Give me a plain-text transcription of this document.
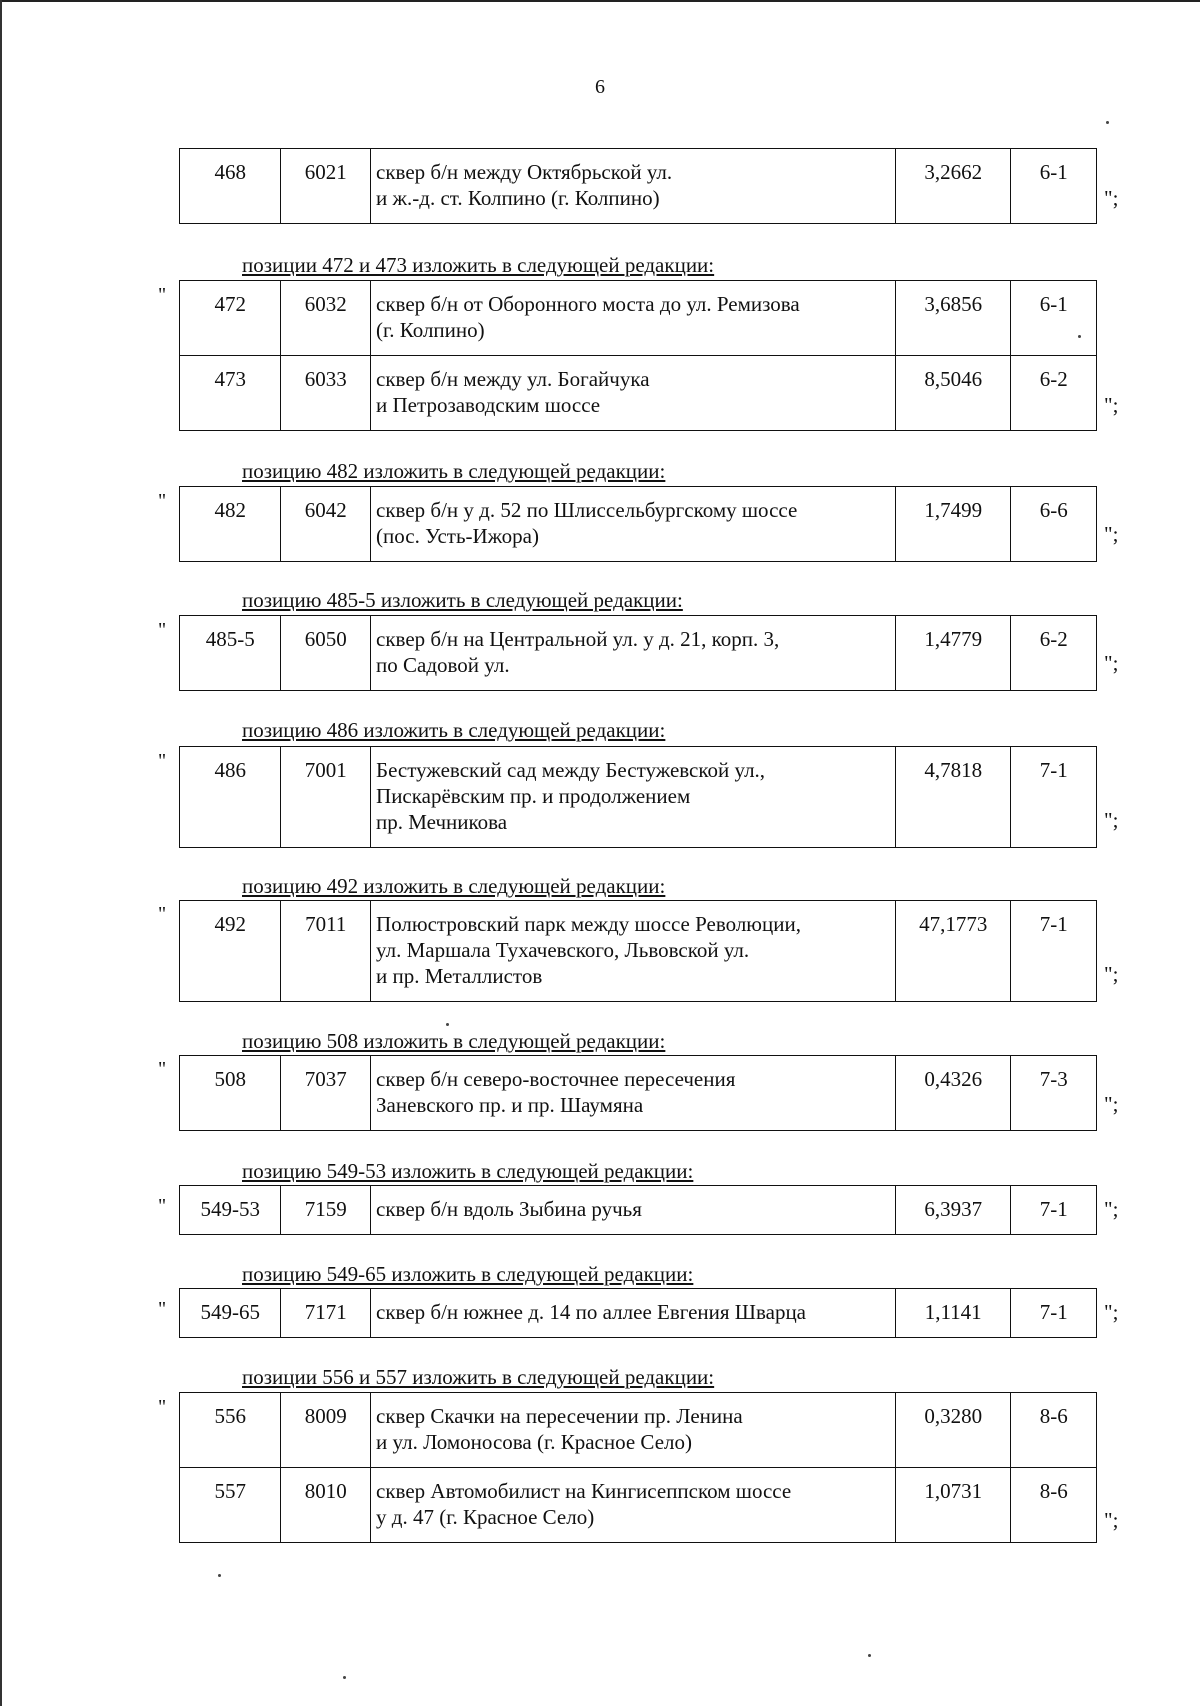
6
468	6021	сквер б/н между Октябрьской ул.
и ж.-д. ст. Колпино (г. Колпино)	3,2662	6-1
";
позиции 472 и 473 изложить в следующей редакции:
" 472	6032	сквер б/н от Оборонного моста до ул. Ремизова
(г. Колпино)	3,6856	6-1
473	6033	сквер б/н между ул. Богайчука
и Петрозаводским шоссе	8,5046	6-2
";
позицию 482 изложить в следующей редакции:
" 482	6042	сквер б/н у д. 52 по Шлиссельбургскому шоссе
(пос. Усть-Ижора)	1,7499	6-6
";
позицию 485-5 изложить в следующей редакции:
" 485-5	6050	сквер б/н на Центральной ул. у д. 21, корп. 3,
по Садовой ул.	1,4779	6-2
";
позицию 486 изложить в следующей редакции:
" 486	7001	Бестужевский сад между Бестужевской ул.,
Пискарёвским пр. и продолжением
пр. Мечникова	4,7818	7-1
";
позицию 492 изложить в следующей редакции:
" 492	7011	Полюстровский парк между шоссе Революции,
ул. Маршала Тухачевского, Львовской ул.
и пр. Металлистов	47,1773	7-1
";
позицию 508 изложить в следующей редакции:
" 508	7037	сквер б/н северо-восточнее пересечения
Заневского пр. и пр. Шаумяна	0,4326	7-3
";
позицию 549-53 изложить в следующей редакции:
" 549-53	7159	сквер б/н вдоль Зыбина ручья	6,3937	7-1 ";
позицию 549-65 изложить в следующей редакции:
" 549-65	7171	сквер б/н южнее д. 14 по аллее Евгения Шварца	1,1141	7-1 ";
позиции 556 и 557 изложить в следующей редакции:
" 556	8009	сквер Скачки на пересечении пр. Ленина
и ул. Ломоносова (г. Красное Село)	0,3280	8-6
557	8010	сквер Автомобилист на Кингисеппском шоссе
у д. 47 (г. Красное Село)	1,0731	8-6
";
